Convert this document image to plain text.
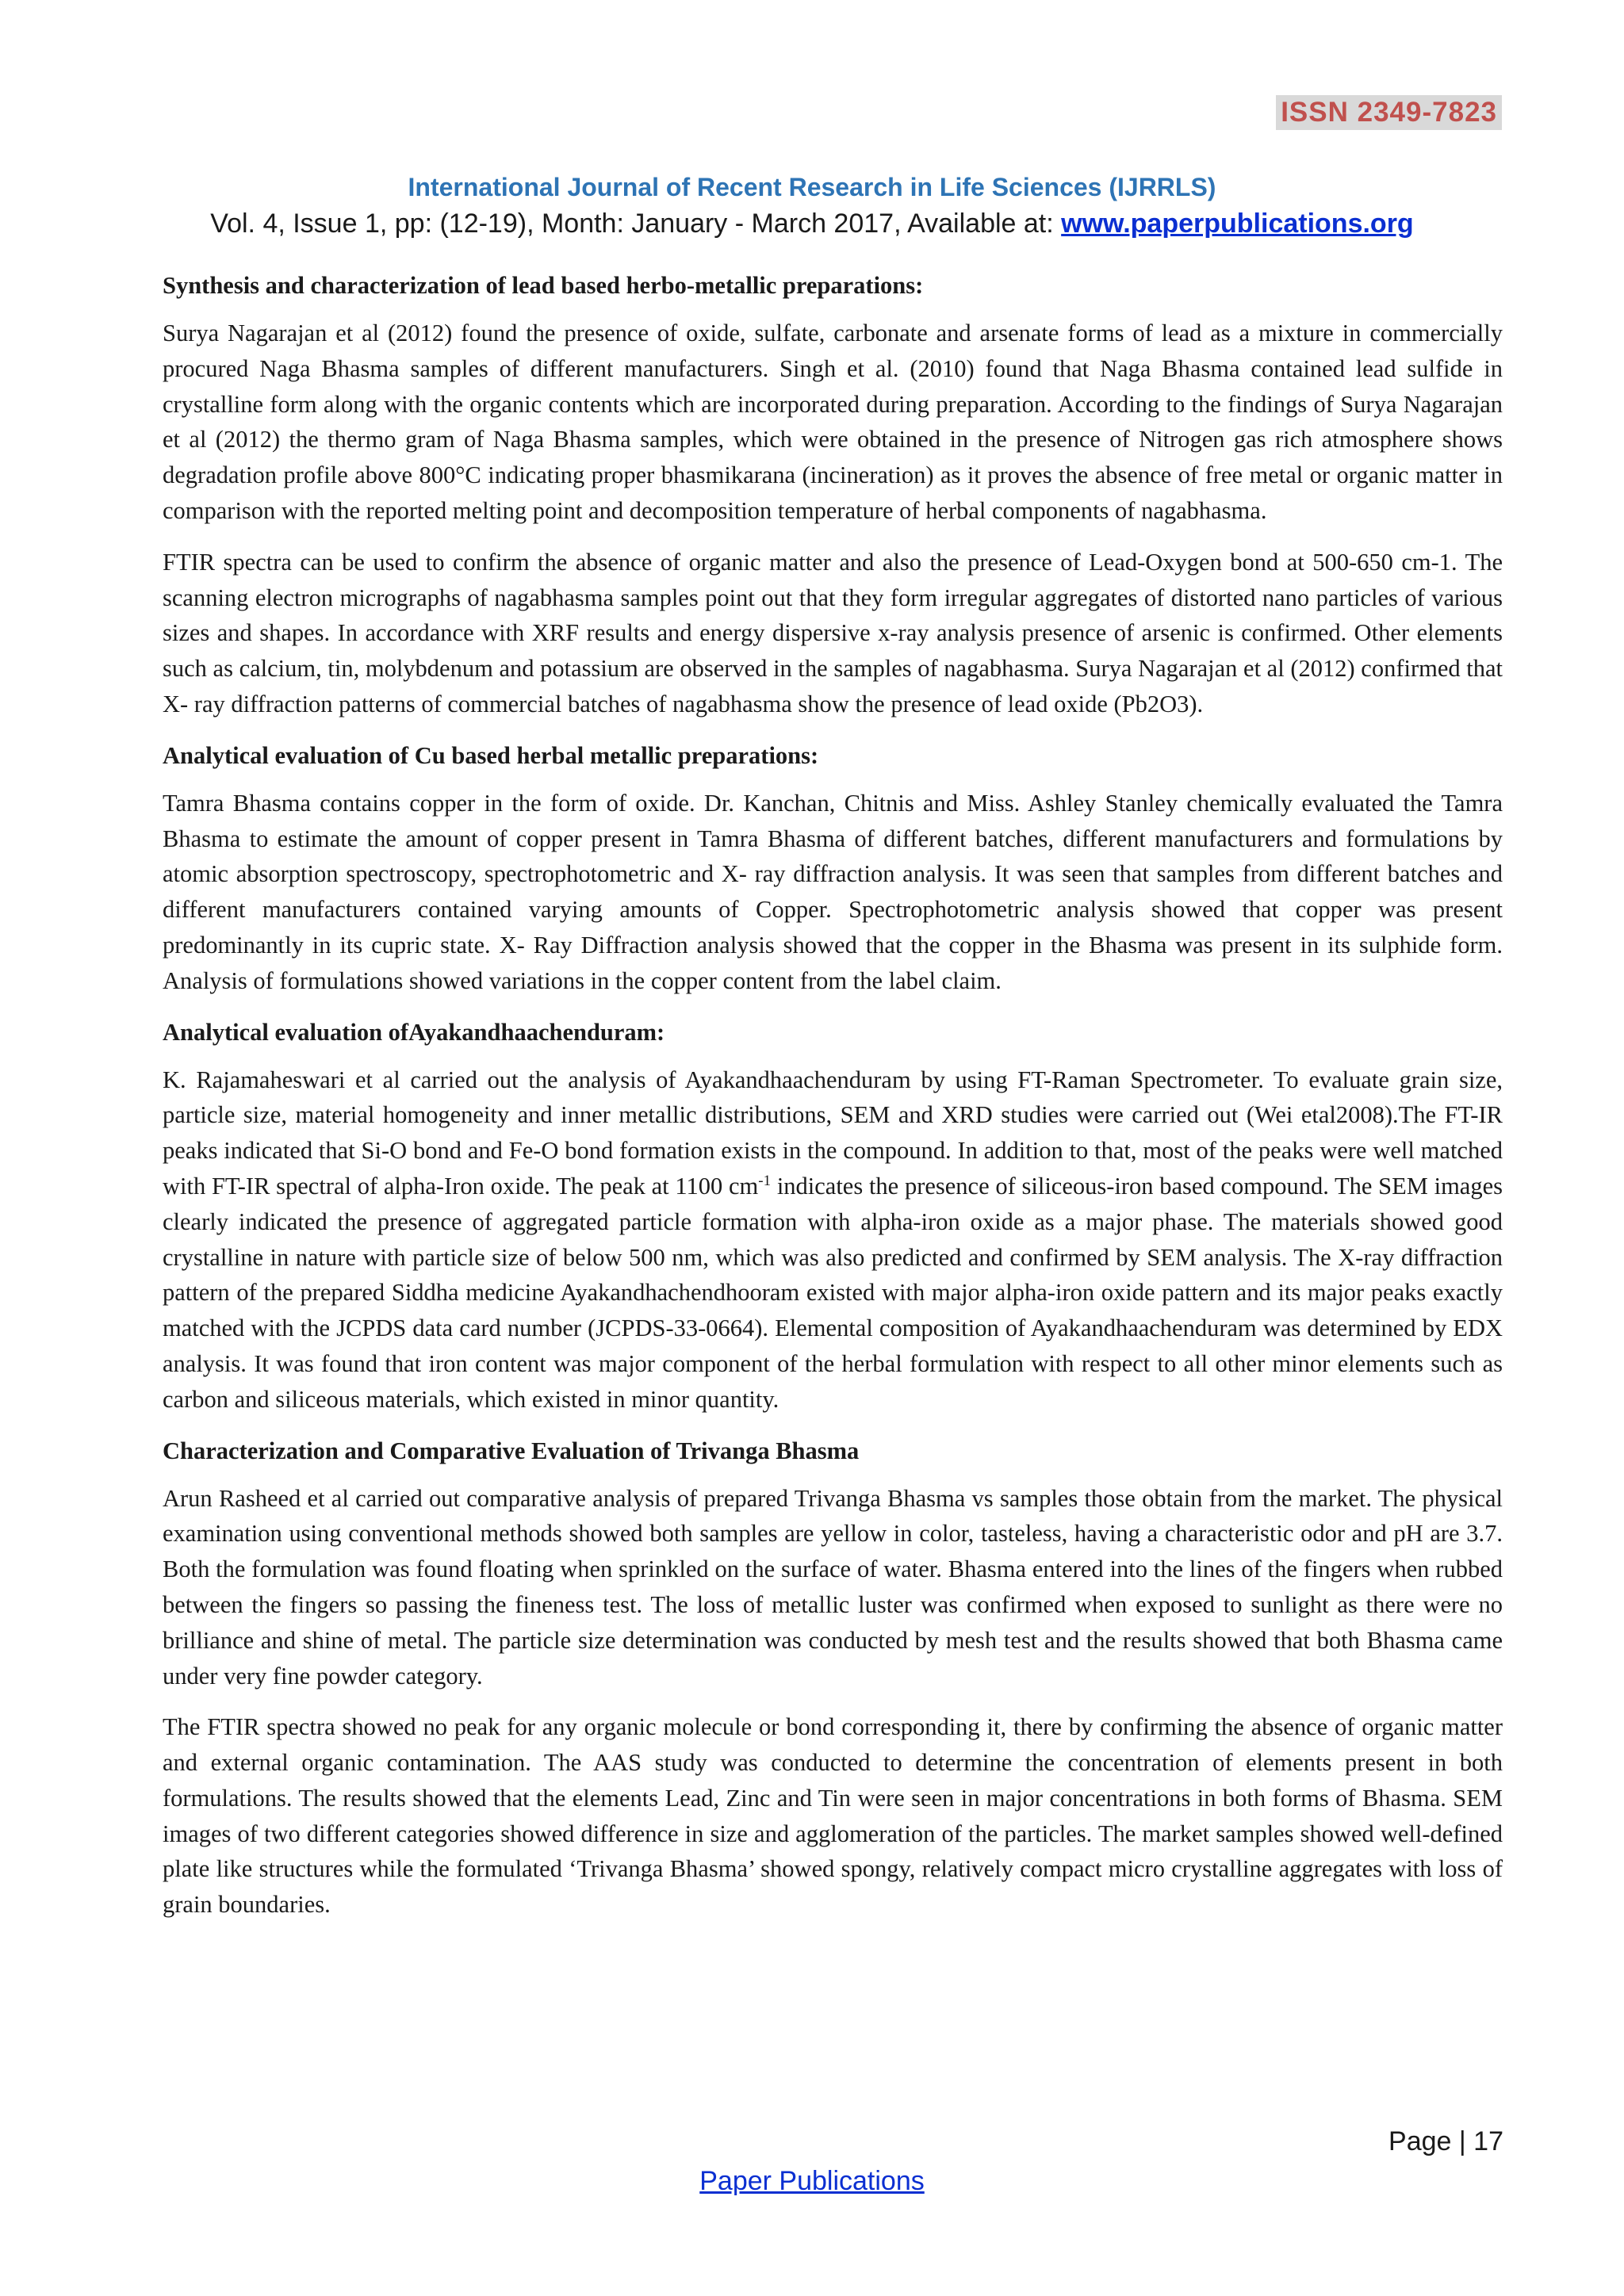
ISSN 2349-7823
International Journal of Recent Research in Life Sciences (IJRRLS)
Vol. 4, Issue 1, pp: (12-19), Month: January - March 2017, Available at: www.paperpublications.org
Synthesis and characterization of lead based herbo-metallic preparations:

Surya Nagarajan et al (2012) found the presence of oxide, sulfate, carbonate and arsenate forms of lead as a mixture in commercially procured Naga Bhasma samples of different manufacturers. Singh et al. (2010) found that Naga Bhasma contained lead sulfide in crystalline form along with the organic contents which are incorporated during preparation. According to the findings of Surya Nagarajan et al (2012) the thermo gram of Naga Bhasma samples, which were obtained in the presence of Nitrogen gas rich atmosphere shows degradation profile above 800°C indicating proper bhasmikarana (incineration) as it proves the absence of free metal or organic matter in comparison with the reported melting point and decomposition temperature of herbal components of nagabhasma.

FTIR spectra can be used to confirm the absence of organic matter and also the presence of Lead-Oxygen bond at 500-650 cm-1. The scanning electron micrographs of nagabhasma samples point out that they form irregular aggregates of distorted nano particles of various sizes and shapes. In accordance with XRF results and energy dispersive x-ray analysis presence of arsenic is confirmed. Other elements such as calcium, tin, molybdenum and potassium are observed in the samples of nagabhasma. Surya Nagarajan et al (2012) confirmed that X- ray diffraction patterns of commercial batches of nagabhasma show the presence of lead oxide (Pb2O3).

Analytical evaluation of Cu based herbal metallic preparations:

Tamra Bhasma contains copper in the form of oxide. Dr. Kanchan, Chitnis and Miss. Ashley Stanley chemically evaluated the Tamra Bhasma to estimate the amount of copper present in Tamra Bhasma of different batches, different manufacturers and formulations by atomic absorption spectroscopy, spectrophotometric and X- ray diffraction analysis. It was seen that samples from different batches and different manufacturers contained varying amounts of Copper. Spectrophotometric analysis showed that copper was present predominantly in its cupric state. X- Ray Diffraction analysis showed that the copper in the Bhasma was present in its sulphide form. Analysis of formulations showed variations in the copper content from the label claim.

Analytical evaluation ofAyakandhaachenduram:

K. Rajamaheswari et al carried out the analysis of Ayakandhaachenduram by using FT-Raman Spectrometer. To evaluate grain size, particle size, material homogeneity and inner metallic distributions, SEM and XRD studies were carried out (Wei etal2008).The FT-IR peaks indicated that Si-O bond and Fe-O bond formation exists in the compound. In addition to that, most of the peaks were well matched with FT-IR spectral of alpha-Iron oxide. The peak at 1100 $cm^{-1}$ indicates the presence of siliceous-iron based compound. The SEM images clearly indicated the presence of aggregated particle formation with alpha-iron oxide as a major phase. The materials showed good crystalline in nature with particle size of below 500 nm, which was also predicted and confirmed by SEM analysis. The X-ray diffraction pattern of the prepared Siddha medicine Ayakandhachendhooram existed with major alpha-iron oxide pattern and its major peaks exactly matched with the JCPDS data card number (JCPDS-33-0664). Elemental composition of Ayakandhaachenduram was determined by EDX analysis. It was found that iron content was major component of the herbal formulation with respect to all other minor elements such as carbon and siliceous materials, which existed in minor quantity.

Characterization and Comparative Evaluation of Trivanga Bhasma

Arun Rasheed et al carried out comparative analysis of prepared Trivanga Bhasma vs samples those obtain from the market. The physical examination using conventional methods showed both samples are yellow in color, tasteless, having a characteristic odor and pH are 3.7. Both the formulation was found floating when sprinkled on the surface of water. Bhasma entered into the lines of the fingers when rubbed between the fingers so passing the fineness test. The loss of metallic luster was confirmed when exposed to sunlight as there were no brilliance and shine of metal. The particle size determination was conducted by mesh test and the results showed that both Bhasma came under very fine powder category.

The FTIR spectra showed no peak for any organic molecule or bond corresponding it, there by confirming the absence of organic matter and external organic contamination. The AAS study was conducted to determine the concentration of elements present in both formulations. The results showed that the elements Lead, Zinc and Tin were seen in major concentrations in both forms of Bhasma. SEM images of two different categories showed difference in size and agglomeration of the particles. The market samples showed well-defined plate like structures while the formulated ‘Trivanga Bhasma’ showed spongy, relatively compact micro crystalline aggregates with loss of grain boundaries.

Page | 17
Paper Publications
